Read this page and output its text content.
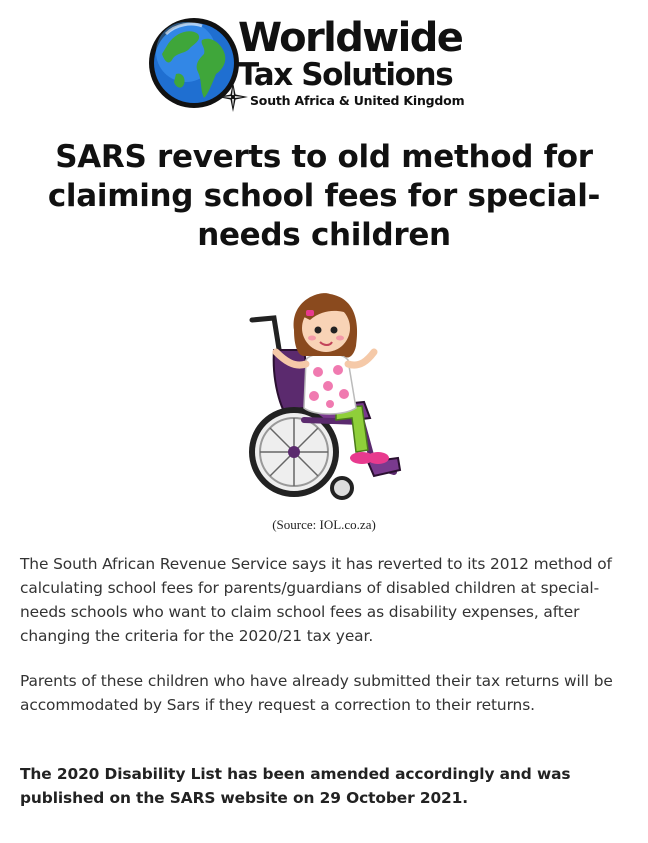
Worldwide
Tax Solutions
South Africa & United Kingdom
SARS reverts to old method for claiming school fees for special-needs children
(Source: IOL.co.za)
The South African Revenue Service says it has reverted to its 2012 method of calculating school fees for parents/guardians of disabled children at special-needs schools who want to claim school fees as disability expenses, after changing the criteria for the 2020/21 tax year.
Parents of these children who have already submitted their tax returns will be accommodated by Sars if they request a correction to their returns.
The 2020 Disability List has been amended accordingly and was published on the SARS website on 29 October 2021.
